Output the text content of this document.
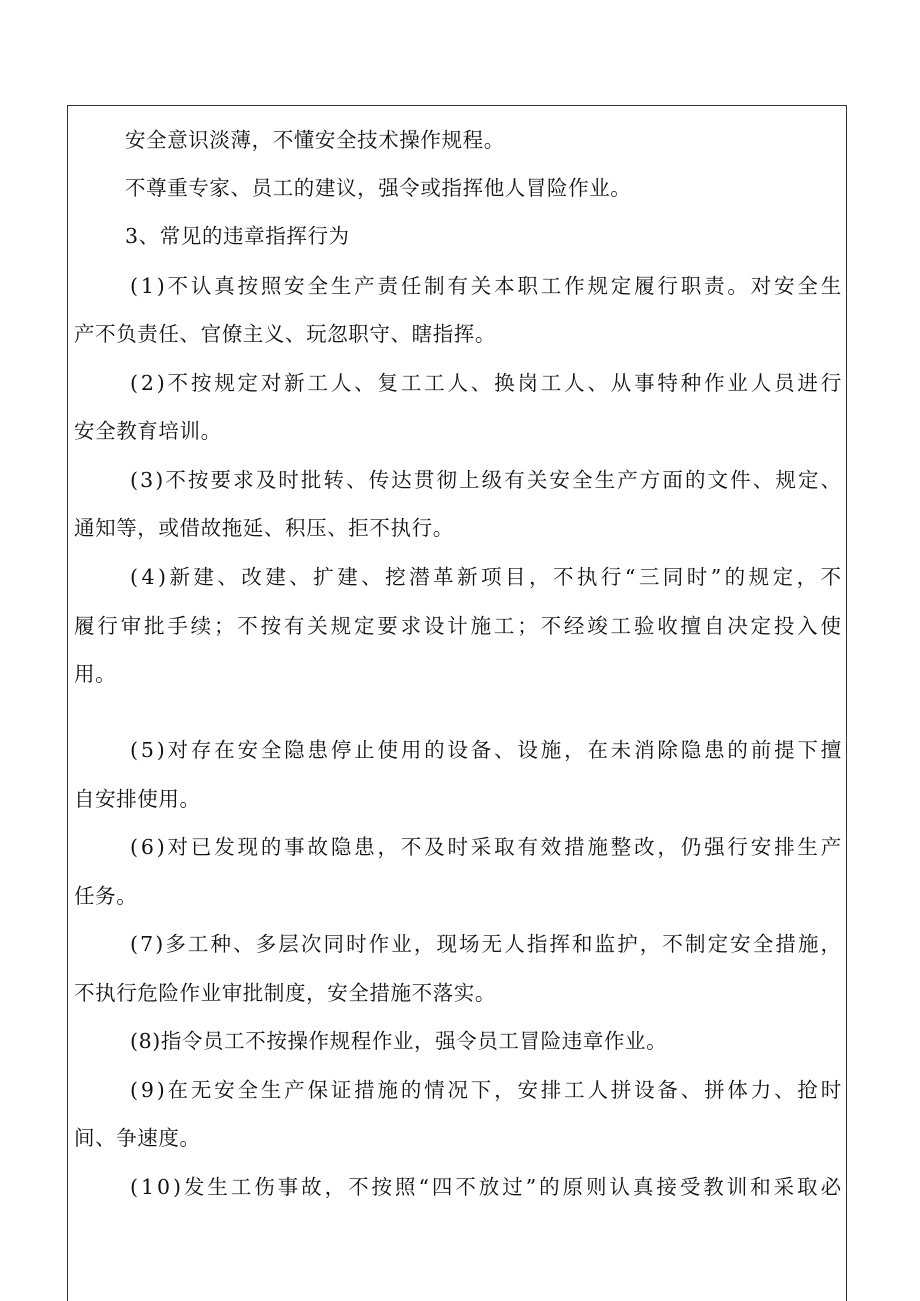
安全意识淡薄，不懂安全技术操作规程。
不尊重专家、员工的建议，强令或指挥他人冒险作业。
3、常见的违章指挥行为
( 1 ) 不 认 真 按 照 安 全 生 产 责 任 制 有 关 本 职 工 作 规 定 履 行 职 责 。 对 安 全 生
产不负责任、官僚主义、玩忽职守、瞎指挥。
( 2 ) 不 按 规 定 对 新 工 人 、 复 工 工 人 、 换 岗 工 人 、 从 事 特 种 作 业 人 员 进 行
安全教育培训。
( 3 ) 不 按 要 求 及 时 批 转 、 传 达 贯 彻 上 级 有 关 安 全 生 产 方 面 的 文 件 、 规 定 、
通知等，或借故拖延、积压、拒不执行。
( 4 ) 新 建 、 改 建 、 扩 建 、 挖 潜 革 新 项 目 ， 不 执 行 “ 三 同 时 ” 的 规 定 ， 不
履 行 审 批 手 续 ； 不 按 有 关 规 定 要 求 设 计 施 工 ； 不 经 竣 工 验 收 擅 自 决 定 投 入 使
用。
( 5 ) 对 存 在 安 全 隐 患 停 止 使 用 的 设 备 、 设 施 ， 在 未 消 除 隐 患 的 前 提 下 擅
自安排使用。
( 6 ) 对 已 发 现 的 事 故 隐 患 ， 不 及 时 采 取 有 效 措 施 整 改 ， 仍 强 行 安 排 生 产
任务。
( 7 ) 多 工 种 、 多 层 次 同 时 作 业 ， 现 场 无 人 指 挥 和 监 护 ， 不 制 定 安 全 措 施 ，
不执行危险作业审批制度，安全措施不落实。
(8)指令员工不按操作规程作业，强令员工冒险违章作业。
( 9 ) 在 无 安 全 生 产 保 证 措 施 的 情 况 下 ， 安 排 工 人 拼 设 备 、 拼 体 力 、 抢 时
间、争速度。
( 1 0 ) 发 生 工 伤 事 故 ， 不 按 照 “ 四 不 放 过 ” 的 原 则 认 真 接 受 教 训 和 采 取 必
